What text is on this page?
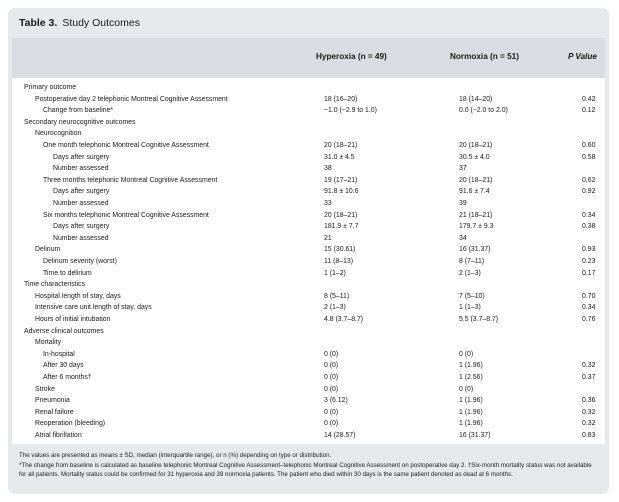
Table 3. Study Outcomes
Hyperoxia (n = 49)	Normoxia (n = 51)	P Value
Primary outcome
Postoperative day 2 telephonic Montreal Cognitive Assessment	18 (16–20)	18 (14–20)	0.42
Change from baseline*	−1.0 (−2.9 to 1.0)	0.0 (−2.0 to 2.0)	0.12
Secondary neurocognitive outcomes
Neurocognition
One month telephonic Montreal Cognitive Assessment	20 (18–21)	20 (18–21)	0.60
Days after surgery	31.0 ± 4.5	30.5 ± 4.0	0.58
Number assessed	38	37
Three months telephonic Montreal Cognitive Assessment	19 (17–21)	20 (18–21)	0.62
Days after surgery	91.8 ± 10.6	91.6 ± 7.4	0.92
Number assessed	33	39
Six months telephonic Montreal Cognitive Assessment	20 (18–21)	21 (18–21)	0.34
Days after surgery	181.9 ± 7.7	179.7 ± 9.3	0.38
Number assessed	21	34
Delirium	15 (30.61)	16 (31.37)	0.93
Delirium severity (worst)	11 (8–13)	8 (7–11)	0.23
Time to delirium	1 (1–2)	2 (1–3)	0.17
Time characteristics
Hospital length of stay, days	8 (5–11)	7 (5–10)	0.70
Intensive care unit length of stay, days	2 (1–3)	1 (1–3)	0.34
Hours of initial intubation	4.8 (3.7–8.7)	5.5 (3.7–8.7)	0.76
Adverse clinical outcomes
Mortality
In-hospital	0 (0)	0 (0)
After 30 days	0 (0)	1 (1.96)	0.32
After 6 months†	0 (0)	1 (2.56)	0.37
Stroke	0 (0)	0 (0)
Pneumonia	3 (6.12)	1 (1.96)	0.36
Renal failure	0 (0)	1 (1.96)	0.32
Reoperation (bleeding)	0 (0)	1 (1.96)	0.32
Atrial fibrillation	14 (28.57)	16 (31.37)	0.83

The values are presented as means ± SD, median (interquartile range), or n (%) depending on type or distribution.

*The change from baseline is calculated as baseline telephonic Montreal Cognitive Assessment–telephonic Montreal Cognitive Assessment on postoperative day 2. †Six-month mortality status was not available for all patients. Mortality status could be confirmed for 31 hyperoxia and 39 normoxia patients. The patient who died within 30 days is the same patient denoted as dead at 6 months.
